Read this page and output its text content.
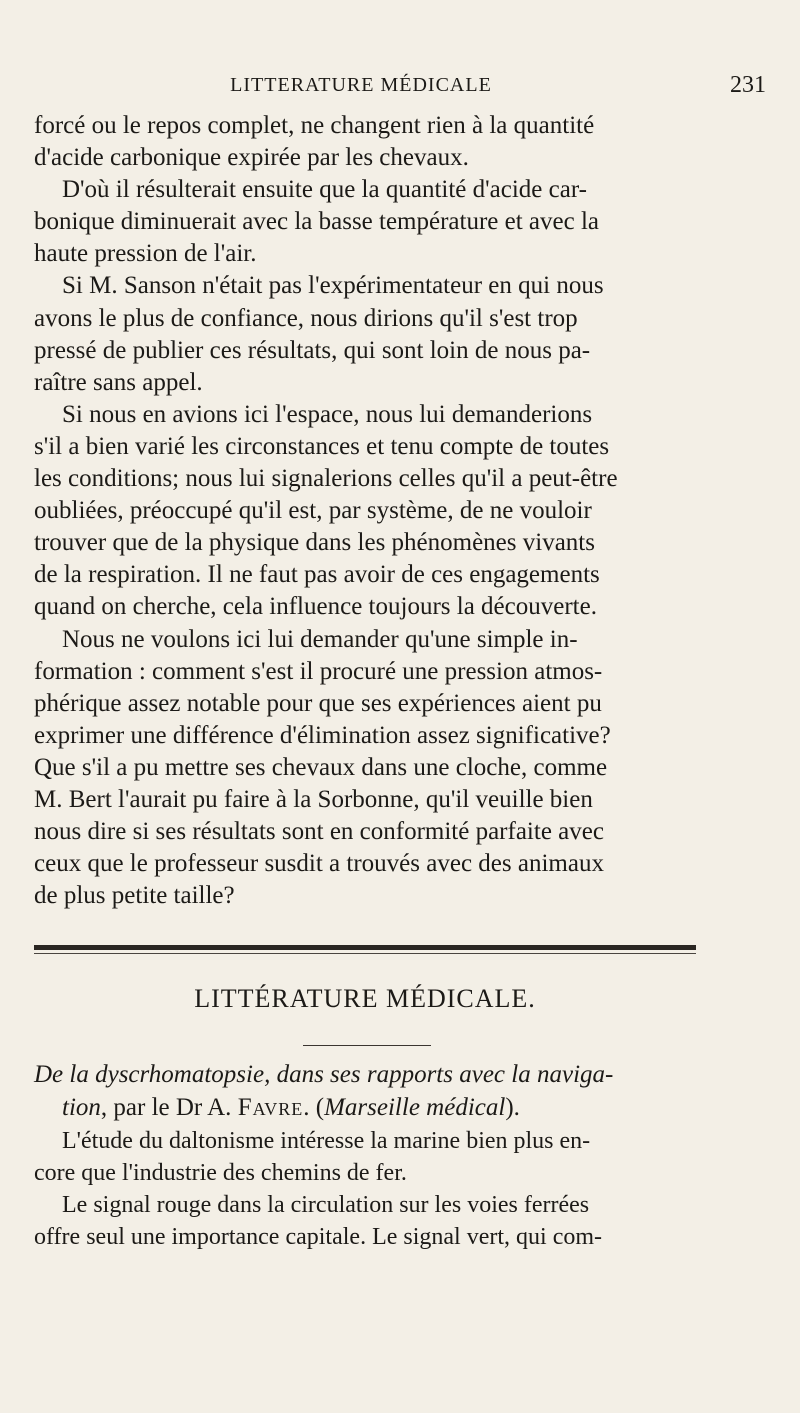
LITTERATURE MÉDICALE	231
forcé ou le repos complet, ne changent rien à la quantité
d'acide carbonique expirée par les chevaux.
D'où il résulterait ensuite que la quantité d'acide car-
bonique diminuerait avec la basse température et avec la
haute pression de l'air.
Si M. Sanson n'était pas l'expérimentateur en qui nous
avons le plus de confiance, nous dirions qu'il s'est trop
pressé de publier ces résultats, qui sont loin de nous pa-
raître sans appel.
Si nous en avions ici l'espace, nous lui demanderions
s'il a bien varié les circonstances et tenu compte de toutes
les conditions; nous lui signalerions celles qu'il a peut-être
oubliées, préoccupé qu'il est, par système, de ne vouloir
trouver que de la physique dans les phénomènes vivants
de la respiration. Il ne faut pas avoir de ces engagements
quand on cherche, cela influence toujours la découverte.
Nous ne voulons ici lui demander qu'une simple in-
formation : comment s'est il procuré une pression atmos-
phérique assez notable pour que ses expériences aient pu
exprimer une différence d'élimination assez significative?
Que s'il a pu mettre ses chevaux dans une cloche, comme
M. Bert l'aurait pu faire à la Sorbonne, qu'il veuille bien
nous dire si ses résultats sont en conformité parfaite avec
ceux que le professeur susdit a trouvés avec des animaux
de plus petite taille?
LITTÉRATURE MÉDICALE.
De la dyscrhomatopsie, dans ses rapports avec la naviga-
tion, par le Dr A. Favre. (Marseille médical).
L'étude du daltonisme intéresse la marine bien plus en-
core que l'industrie des chemins de fer.
Le signal rouge dans la circulation sur les voies ferrées
offre seul une importance capitale. Le signal vert, qui com-
